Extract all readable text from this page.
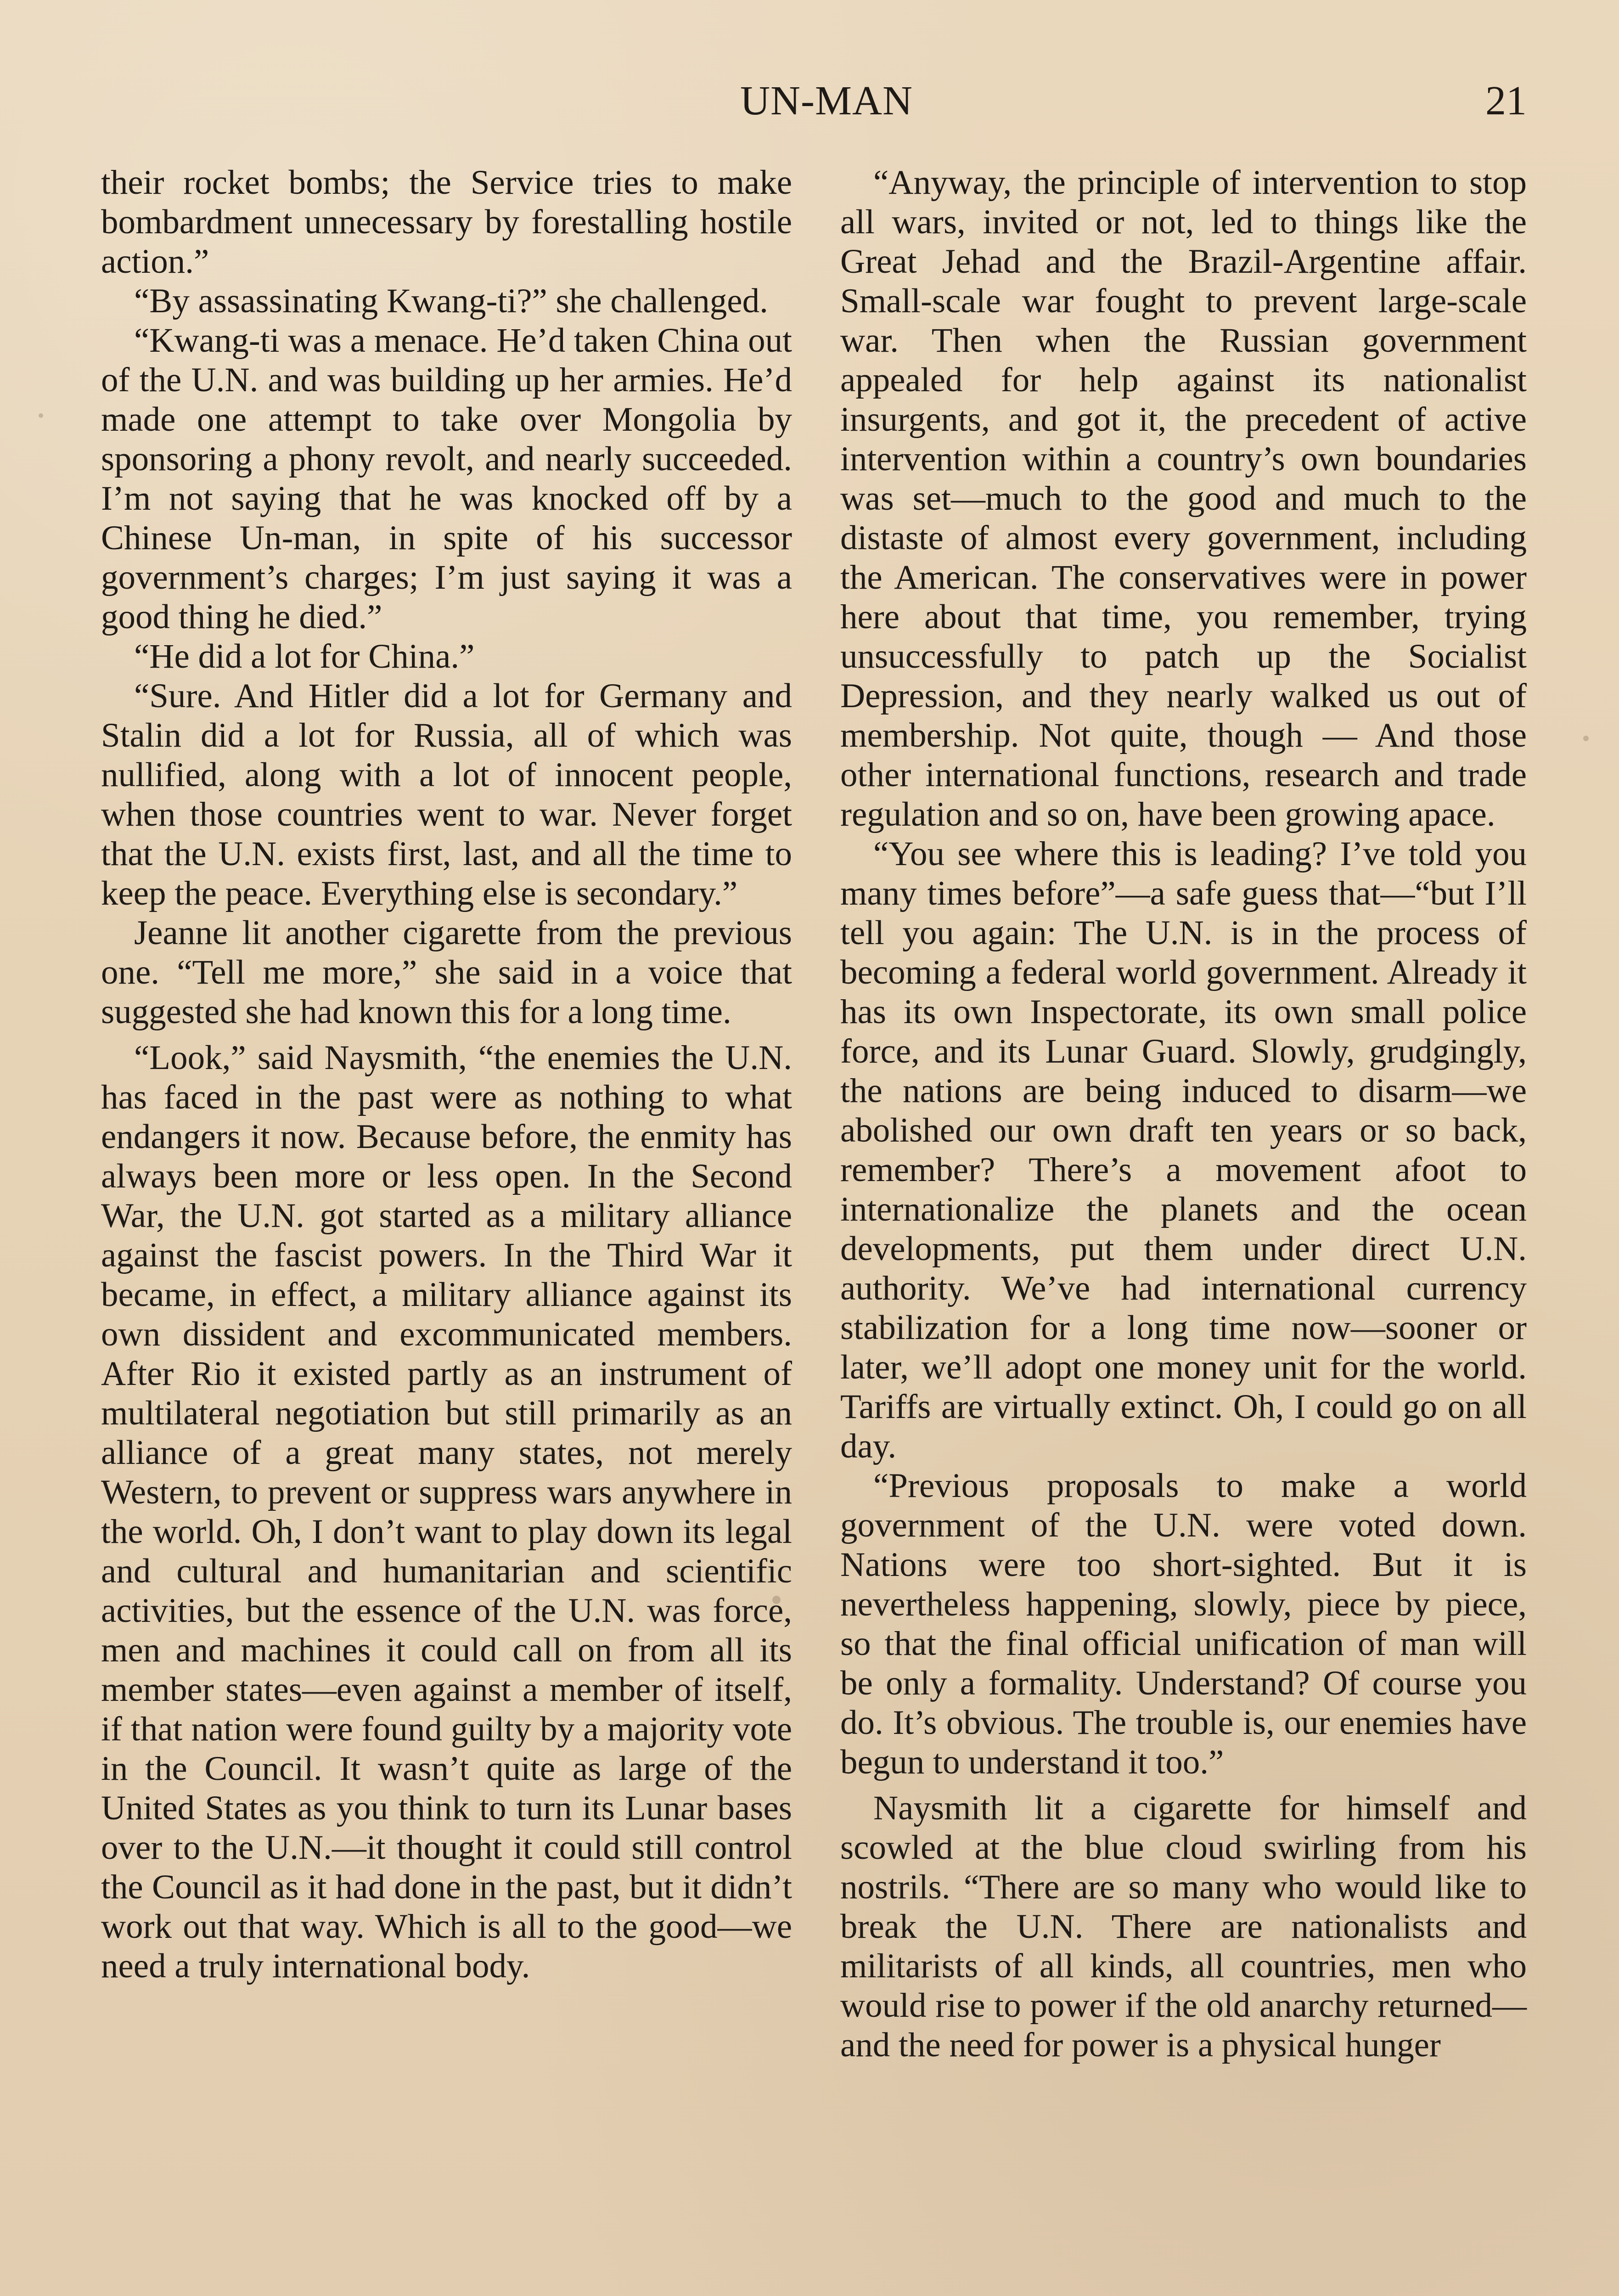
UN-MAN	21

their rocket bombs; the Service tries to make bombardment unnecessary by forestalling hostile action.”

“By assassinating Kwang-ti?” she challenged.

“Kwang-ti was a menace. He’d taken China out of the U.N. and was building up her armies. He’d made one attempt to take over Mongolia by sponsoring a phony revolt, and nearly succeeded. I’m not saying that he was knocked off by a Chinese Un-man, in spite of his successor government’s charges; I’m just saying it was a good thing he died.”

“He did a lot for China.”

“Sure. And Hitler did a lot for Germany and Stalin did a lot for Russia, all of which was nullified, along with a lot of innocent people, when those countries went to war. Never forget that the U.N. exists first, last, and all the time to keep the peace. Everything else is secondary.”

Jeanne lit another cigarette from the previous one. “Tell me more,” she said in a voice that suggested she had known this for a long time.

“Look,” said Naysmith, “the enemies the U.N. has faced in the past were as nothing to what endangers it now. Because before, the enmity has always been more or less open. In the Second War, the U.N. got started as a military alliance against the fascist powers. In the Third War it became, in effect, a military alliance against its own dissident and excommunicated members. After Rio it existed partly as an instrument of multilateral negotiation but still primarily as an alliance of a great many states, not merely Western, to prevent or suppress wars anywhere in the world. Oh, I don’t want to play down its legal and cultural and humanitarian and scientific activities, but the essence of the U.N. was force, men and machines it could call on from all its member states—even against a member of itself, if that nation were found guilty by a majority vote in the Council. It wasn’t quite as large of the United States as you think to turn its Lunar bases over to the U.N.—it thought it could still control the Council as it had done in the past, but it didn’t work out that way. Which is all to the good—we need a truly international body.

“Anyway, the principle of intervention to stop all wars, invited or not, led to things like the Great Jehad and the Brazil-Argentine affair. Small-scale war fought to prevent large-scale war. Then when the Russian government appealed for help against its nationalist insurgents, and got it, the precedent of active intervention within a country’s own boundaries was set—much to the good and much to the distaste of almost every government, including the American. The conservatives were in power here about that time, you remember, trying unsuccessfully to patch up the Socialist Depression, and they nearly walked us out of membership. Not quite, though — And those other international functions, research and trade regulation and so on, have been growing apace.

“You see where this is leading? I’ve told you many times before”—a safe guess that—“but I’ll tell you again: The U.N. is in the process of becoming a federal world government. Already it has its own Inspectorate, its own small police force, and its Lunar Guard. Slowly, grudgingly, the nations are being induced to disarm—we abolished our own draft ten years or so back, remember? There’s a movement afoot to internationalize the planets and the ocean developments, put them under direct U.N. authority. We’ve had international currency stabilization for a long time now—sooner or later, we’ll adopt one money unit for the world. Tariffs are virtually extinct. Oh, I could go on all day.

“Previous proposals to make a world government of the U.N. were voted down. Nations were too short-sighted. But it is nevertheless happening, slowly, piece by piece, so that the final official unification of man will be only a formality. Understand? Of course you do. It’s obvious. The trouble is, our enemies have begun to understand it too.”

Naysmith lit a cigarette for himself and scowled at the blue cloud swirling from his nostrils. “There are so many who would like to break the U.N. There are nationalists and militarists of all kinds, all countries, men who would rise to power if the old anarchy returned—and the need for power is a physical hunger
